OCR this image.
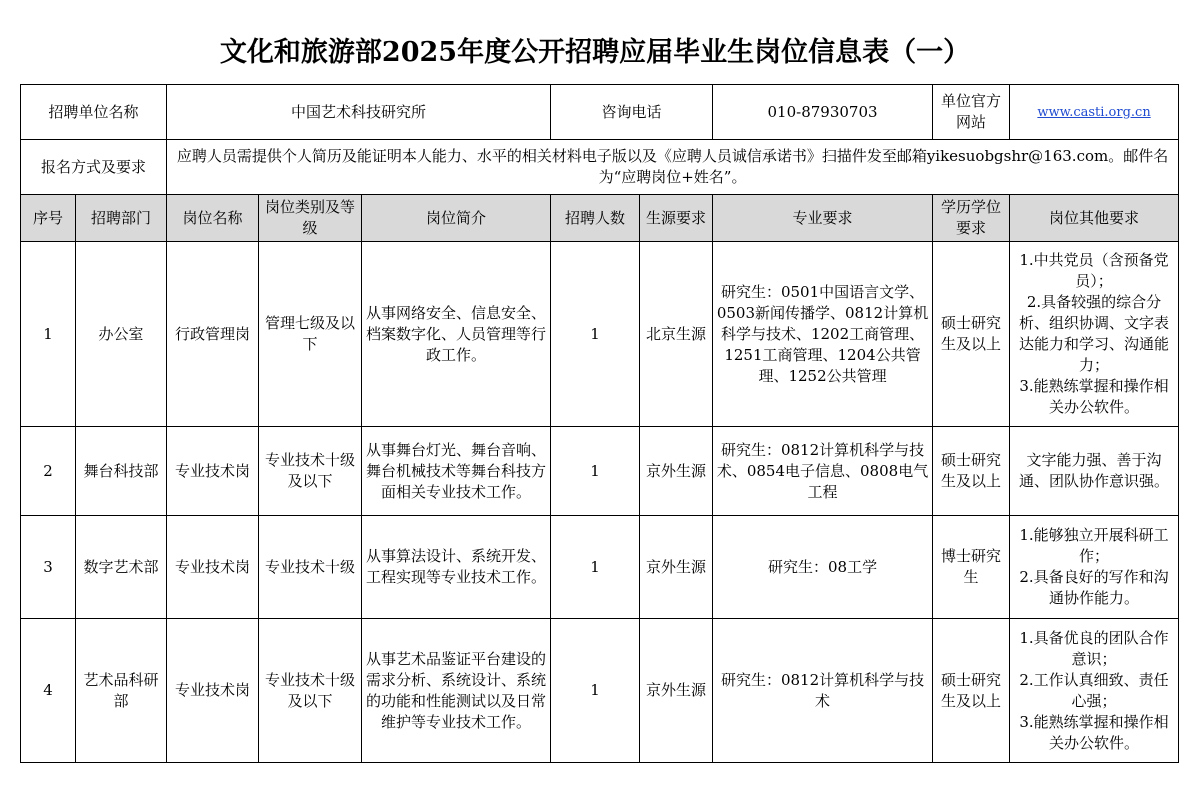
文化和旅游部2025年度公开招聘应届毕业生岗位信息表（一）
招聘单位名称		中国艺术科技研究所			咨询电话		010-87930703	单位官方网站	www.casti.org.cn
报名方式及要求		应聘人员需提供个人简历及能证明本人能力、水平的相关材料电子版以及《应聘人员诚信承诺书》扫描件发至邮箱yikesuobgshr@163.com。邮件名为“应聘岗位+姓名”。							
序号	招聘部门	岗位名称	岗位类别及等级	岗位简介	招聘人数	生源要求	专业要求	学历学位要求	岗位其他要求
1	办公室	行政管理岗	管理七级及以下	从事网络安全、信息安全、档案数字化、人员管理等行政工作。	1	北京生源	研究生：0501中国语言文学、0503新闻传播学、0812计算机科学与技术、1202工商管理、1251工商管理、1204公共管理、1252公共管理	硕士研究生及以上	1.中共党员（含预备党员）；
2.具备较强的综合分析、组织协调、文字表达能力和学习、沟通能力；
3.能熟练掌握和操作相关办公软件。

2	舞台科技部	专业技术岗	专业技术十级及以下	从事舞台灯光、舞台音响、舞台机械技术等舞台科技方面相关专业技术工作。	1	京外生源	研究生：0812计算机科学与技术、0854电子信息、0808电气工程	硕士研究生及以上	文字能力强、善于沟通、团队协作意识强。

3	数字艺术部	专业技术岗	专业技术十级	从事算法设计、系统开发、工程实现等专业技术工作。	1	京外生源	研究生：08工学	博士研究生	1.能够独立开展科研工作；
2.具备良好的写作和沟通协作能力。

4	艺术品科研部	专业技术岗	专业技术十级及以下	从事艺术品鉴证平台建设的需求分析、系统设计、系统的功能和性能测试以及日常维护等专业技术工作。	1	京外生源	研究生：0812计算机科学与技术	硕士研究生及以上	1.具备优良的团队合作意识；
2.工作认真细致、责任心强；
3.能熟练掌握和操作相关办公软件。
